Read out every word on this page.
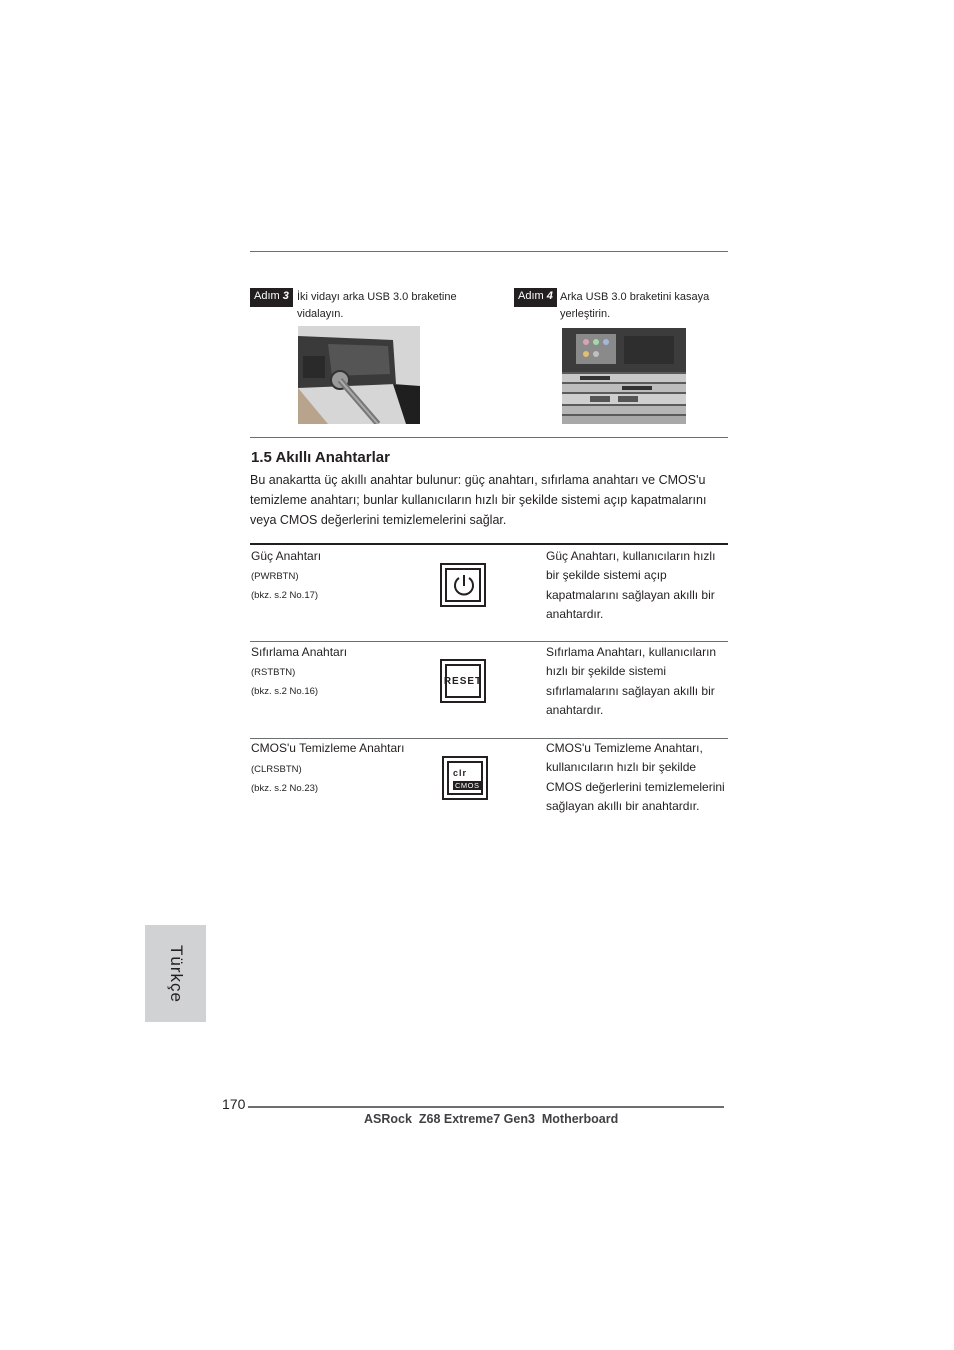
Adım 3 İki vidayı arka USB 3.0 braketine vidalayın.
Adım 4 Arka USB 3.0 braketini kasaya yerleştirin.
1.5 Akıllı Anahtarlar
Bu anakartta üç akıllı anahtar bulunur: güç anahtarı, sıfırlama anahtarı ve CMOS'u temizleme anahtarı; bunlar kullanıcıların hızlı bir şekilde sistemi açıp kapatmalarını veya CMOS değerlerini temizlemelerini sağlar.
Güç Anahtarı
(PWRBTN)
(bkz. s.2 No.17)
Güç Anahtarı, kullanıcıların hızlı bir şekilde sistemi açıp kapatmalarını sağlayan akıllı bir anahtardır.
Sıfırlama Anahtarı
(RSTBTN)
(bkz. s.2 No.16)
RESET
Sıfırlama Anahtarı, kullanıcıların hızlı bir şekilde sistemi sıfırlamalarını sağlayan akıllı bir anahtardır.
CMOS'u Temizleme Anahtarı
(CLRSBTN)
(bkz. s.2 No.23)
clr
CMOS
CMOS'u Temizleme Anahtarı, kullanıcıların hızlı bir şekilde CMOS değerlerini temizlemelerini sağlayan akıllı bir anahtardır.
Türkçe
170
ASRock  Z68 Extreme7 Gen3  Motherboard
